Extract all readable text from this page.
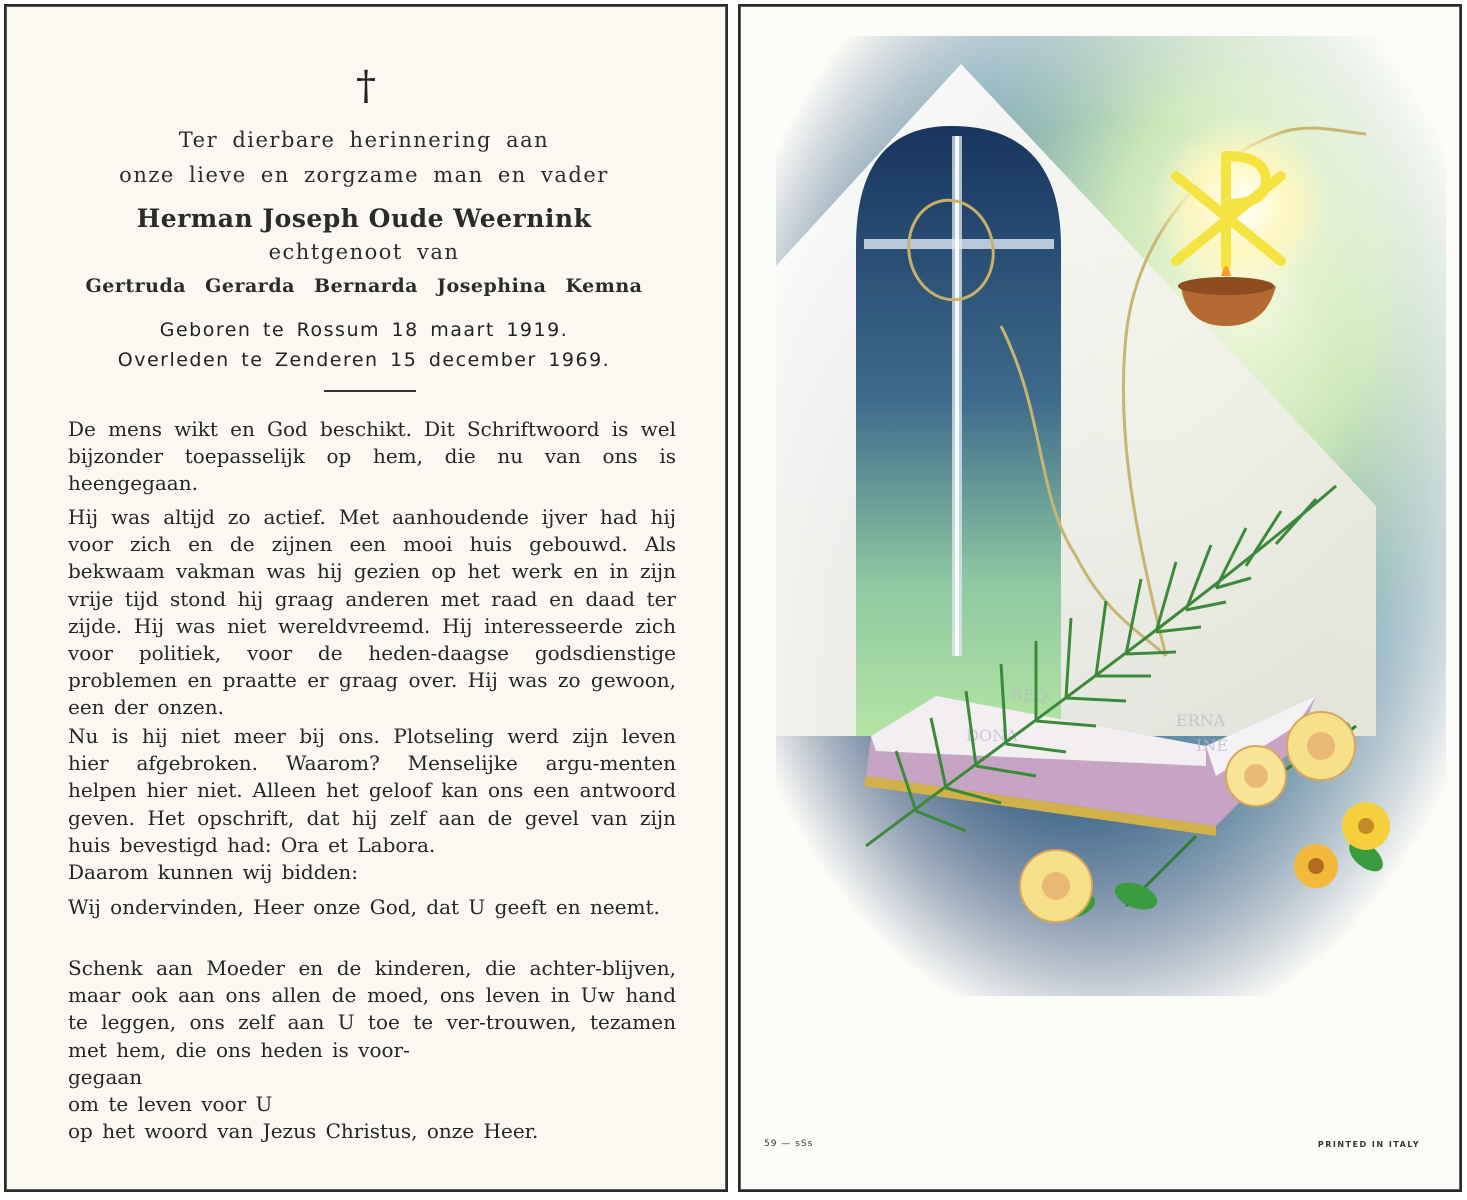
†
Ter dierbare herinnering aan
onze lieve en zorgzame man en vader
Herman Joseph Oude Weernink
echtgenoot van
Gertruda Gerarda Bernarda Josephina Kemna
Geboren te Rossum 18 maart 1919.
Overleden te Zenderen 15 december 1969.

De mens wikt en God beschikt. Dit Schriftwoord is wel bijzonder toepasselijk op hem, die nu van ons is heengegaan.

Hij was altijd zo actief. Met aanhoudende ijver had hij voor zich en de zijnen een mooi huis gebouwd. Als bekwaam vakman was hij gezien op het werk en in zijn vrije tijd stond hij graag anderen met raad en daad ter zijde. Hij was niet wereldvreemd. Hij interesseerde zich voor politiek, voor de heden-daagse godsdienstige problemen en praatte er graag over. Hij was zo gewoon, een der onzen.

Nu is hij niet meer bij ons. Plotseling werd zijn leven hier afgebroken. Waarom? Menselijke argu-menten helpen hier niet. Alleen het geloof kan ons een antwoord geven. Het opschrift, dat hij zelf aan de gevel van zijn huis bevestigd had: Ora et Labora.

Daarom kunnen wij bidden:

Wij ondervinden, Heer onze God, dat U geeft en neemt.

Schenk aan Moeder en de kinderen, die achter-blijven, maar ook aan ons allen de moed, ons leven in Uw hand te leggen, ons zelf aan U toe te ver-trouwen, tezamen met hem, die ons heden is voor-

gegaan
om te leven voor U
op het woord van Jezus Christus, onze Heer.
REQ
DONA
ERNA
INE
59 — sSs	PRINTED IN ITALY
